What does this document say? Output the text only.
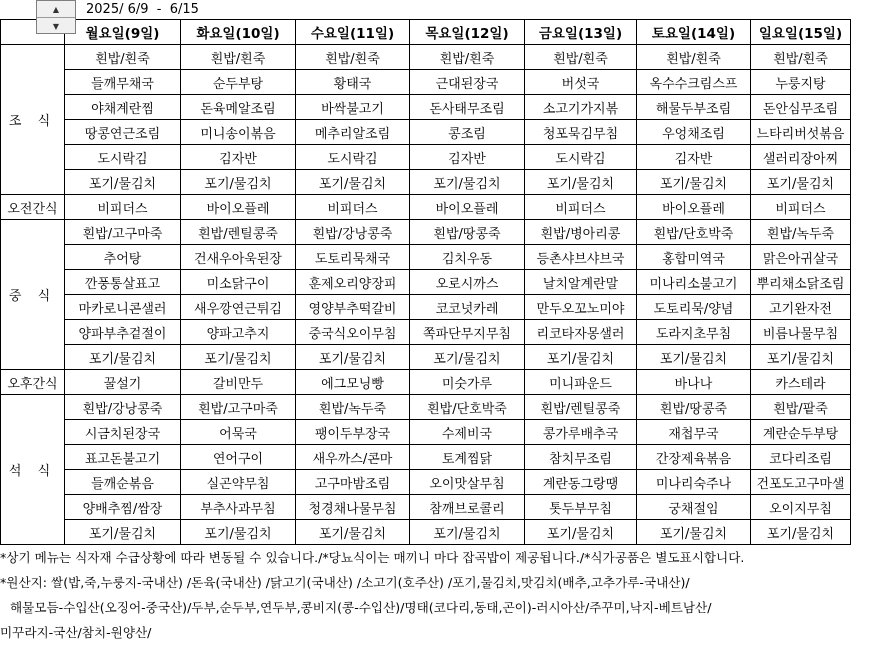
▲
▼
2025/ 6/9  -  6/15
	월요일(9일)	화요일(10일)	수요일(11일)	목요일(12일)	금요일(13일)	토요일(14일)	일요일(15일)
조 식	흰밥/흰죽	흰밥/흰죽	흰밥/흰죽	흰밥/흰죽	흰밥/흰죽	흰밥/흰죽	흰밥/흰죽
	들깨무채국	순두부탕	황태국	근대된장국	버섯국	옥수수크림스프	누룽지탕
	야채계란찜	돈육메알조림	바싹불고기	돈사태무조림	소고기가지볶	해물두부조림	돈안심무조림
	땅콩연근조림	미니송이볶음	메추리알조림	콩조림	청포묵김무침	우엉채조림	느타리버섯볶음
	도시락김	김자반	도시락김	김자반	도시락김	김자반	샐러리장아찌
	포기/물김치	포기/물김치	포기/물김치	포기/물김치	포기/물김치	포기/물김치	포기/물김치
오전간식	비피더스	바이오플레	비피더스	바이오플레	비피더스	바이오플레	비피더스
중 식	흰밥/고구마죽	흰밥/렌틸콩죽	흰밥/강낭콩죽	흰밥/땅콩죽	흰밥/병아리콩	흰밥/단호박죽	흰밥/녹두죽
	추어탕	건새우아욱된장	도토리묵채국	김치우동	등촌샤브샤브국	홍합미역국	맑은아귀살국
	깐풍통살표고	미소닭구이	훈제오리양장피	오로시까스	날치알계란말	미나리소불고기	뿌리채소닭조림
	마카로니콘샐러	새우깡연근튀김	영양부추떡갈비	코코넛카레	만두오꼬노미야	도토리묵/양념	고기완자전
	양파부추겉절이	양파고추지	중국식오이무침	쪽파단무지무침	리코타자몽샐러	도라지초무침	비름나물무침
	포기/물김치	포기/물김치	포기/물김치	포기/물김치	포기/물김치	포기/물김치	포기/물김치
오후간식	꿀설기	갈비만두	에그모닝빵	미숫가루	미니파운드	바나나	카스테라
석 식	흰밥/강낭콩죽	흰밥/고구마죽	흰밥/녹두죽	흰밥/단호박죽	흰밥/렌틸콩죽	흰밥/땅콩죽	흰밥/팥죽
	시금치된장국	어묵국	팽이두부장국	수제비국	콩가루배추국	재첩무국	계란순두부탕
	표고돈불고기	연어구이	새우까스/콘마	토계찜닭	참치무조림	간장제육볶음	코다리조림
	들깨순볶음	실곤약무침	고구마밤조림	오이맛살무침	계란동그랑땡	미나리숙주나	건포도고구마샐
	양배추찜/쌈장	부추사과무침	청경채나물무침	참깨브로콜리	톳두부무침	궁채절임	오이지무침
	포기/물김치	포기/물김치	포기/물김치	포기/물김치	포기/물김치	포기/물김치	포기/물김치
*상기 메뉴는 식자재 수급상황에 따라 변동될 수 있습니다./*당뇨식이는 매끼니 마다 잡곡밥이 제공됩니다./*식가공품은 별도표시합니다.
*원산지: 쌀(밥,죽,누룽지-국내산) /돈육(국내산) /닭고기(국내산) /소고기(호주산) /포기,물김치,맛김치(배추,고추가루-국내산)/
해물모듬-수입산(오징어-중국산)/두부,순두부,연두부,콩비지(콩-수입산)/명태(코다리,동태,곤이)-러시아산/주꾸미,낙지-베트남산/
미꾸라지-국산/참치-원양산/
